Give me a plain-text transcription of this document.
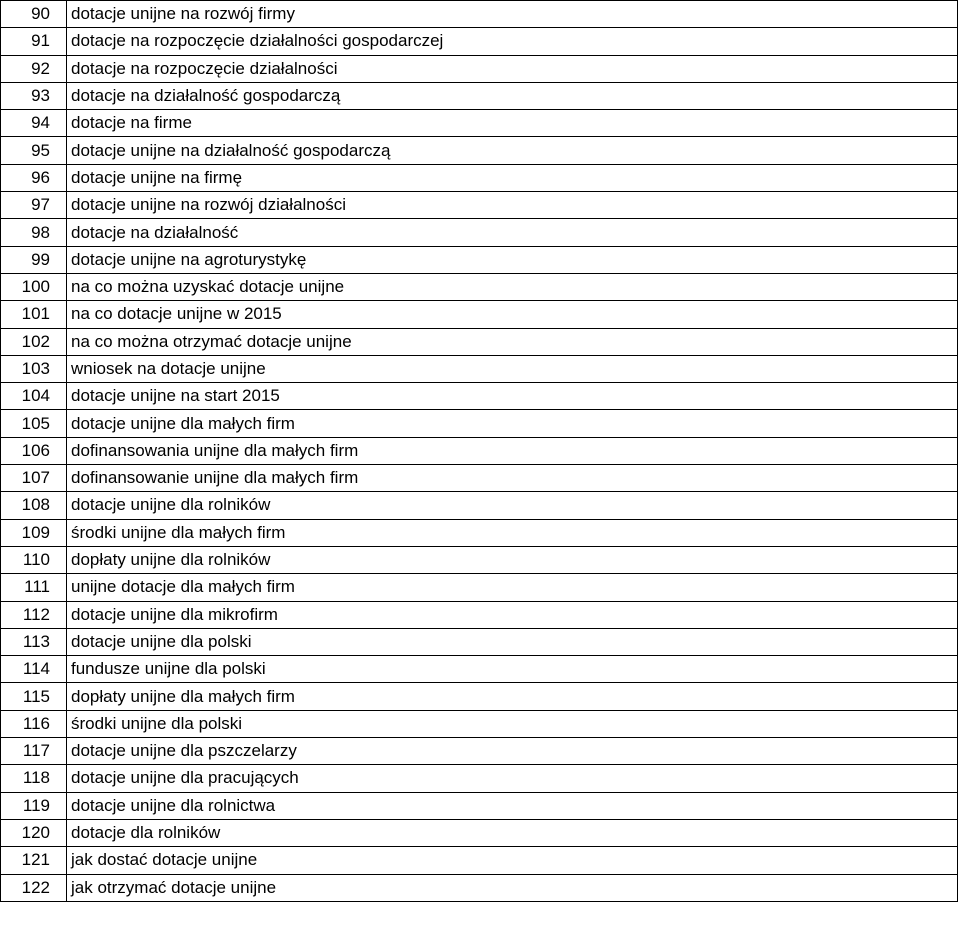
90	dotacje unijne na rozwój firmy
91	dotacje na rozpoczęcie działalności gospodarczej
92	dotacje na rozpoczęcie działalności
93	dotacje na działalność gospodarczą
94	dotacje na firme
95	dotacje unijne na działalność gospodarczą
96	dotacje unijne na firmę
97	dotacje unijne na rozwój działalności
98	dotacje na działalność
99	dotacje unijne na agroturystykę
100	na co można uzyskać dotacje unijne
101	na co dotacje unijne w 2015
102	na co można otrzymać dotacje unijne
103	wniosek na dotacje unijne
104	dotacje unijne na start 2015
105	dotacje unijne dla małych firm
106	dofinansowania unijne dla małych firm
107	dofinansowanie unijne dla małych firm
108	dotacje unijne dla rolników
109	środki unijne dla małych firm
110	dopłaty unijne dla rolników
111	unijne dotacje dla małych firm
112	dotacje unijne dla mikrofirm
113	dotacje unijne dla polski
114	fundusze unijne dla polski
115	dopłaty unijne dla małych firm
116	środki unijne dla polski
117	dotacje unijne dla pszczelarzy
118	dotacje unijne dla pracujących
119	dotacje unijne dla rolnictwa
120	dotacje dla rolników
121	jak dostać dotacje unijne
122	jak otrzymać dotacje unijne
